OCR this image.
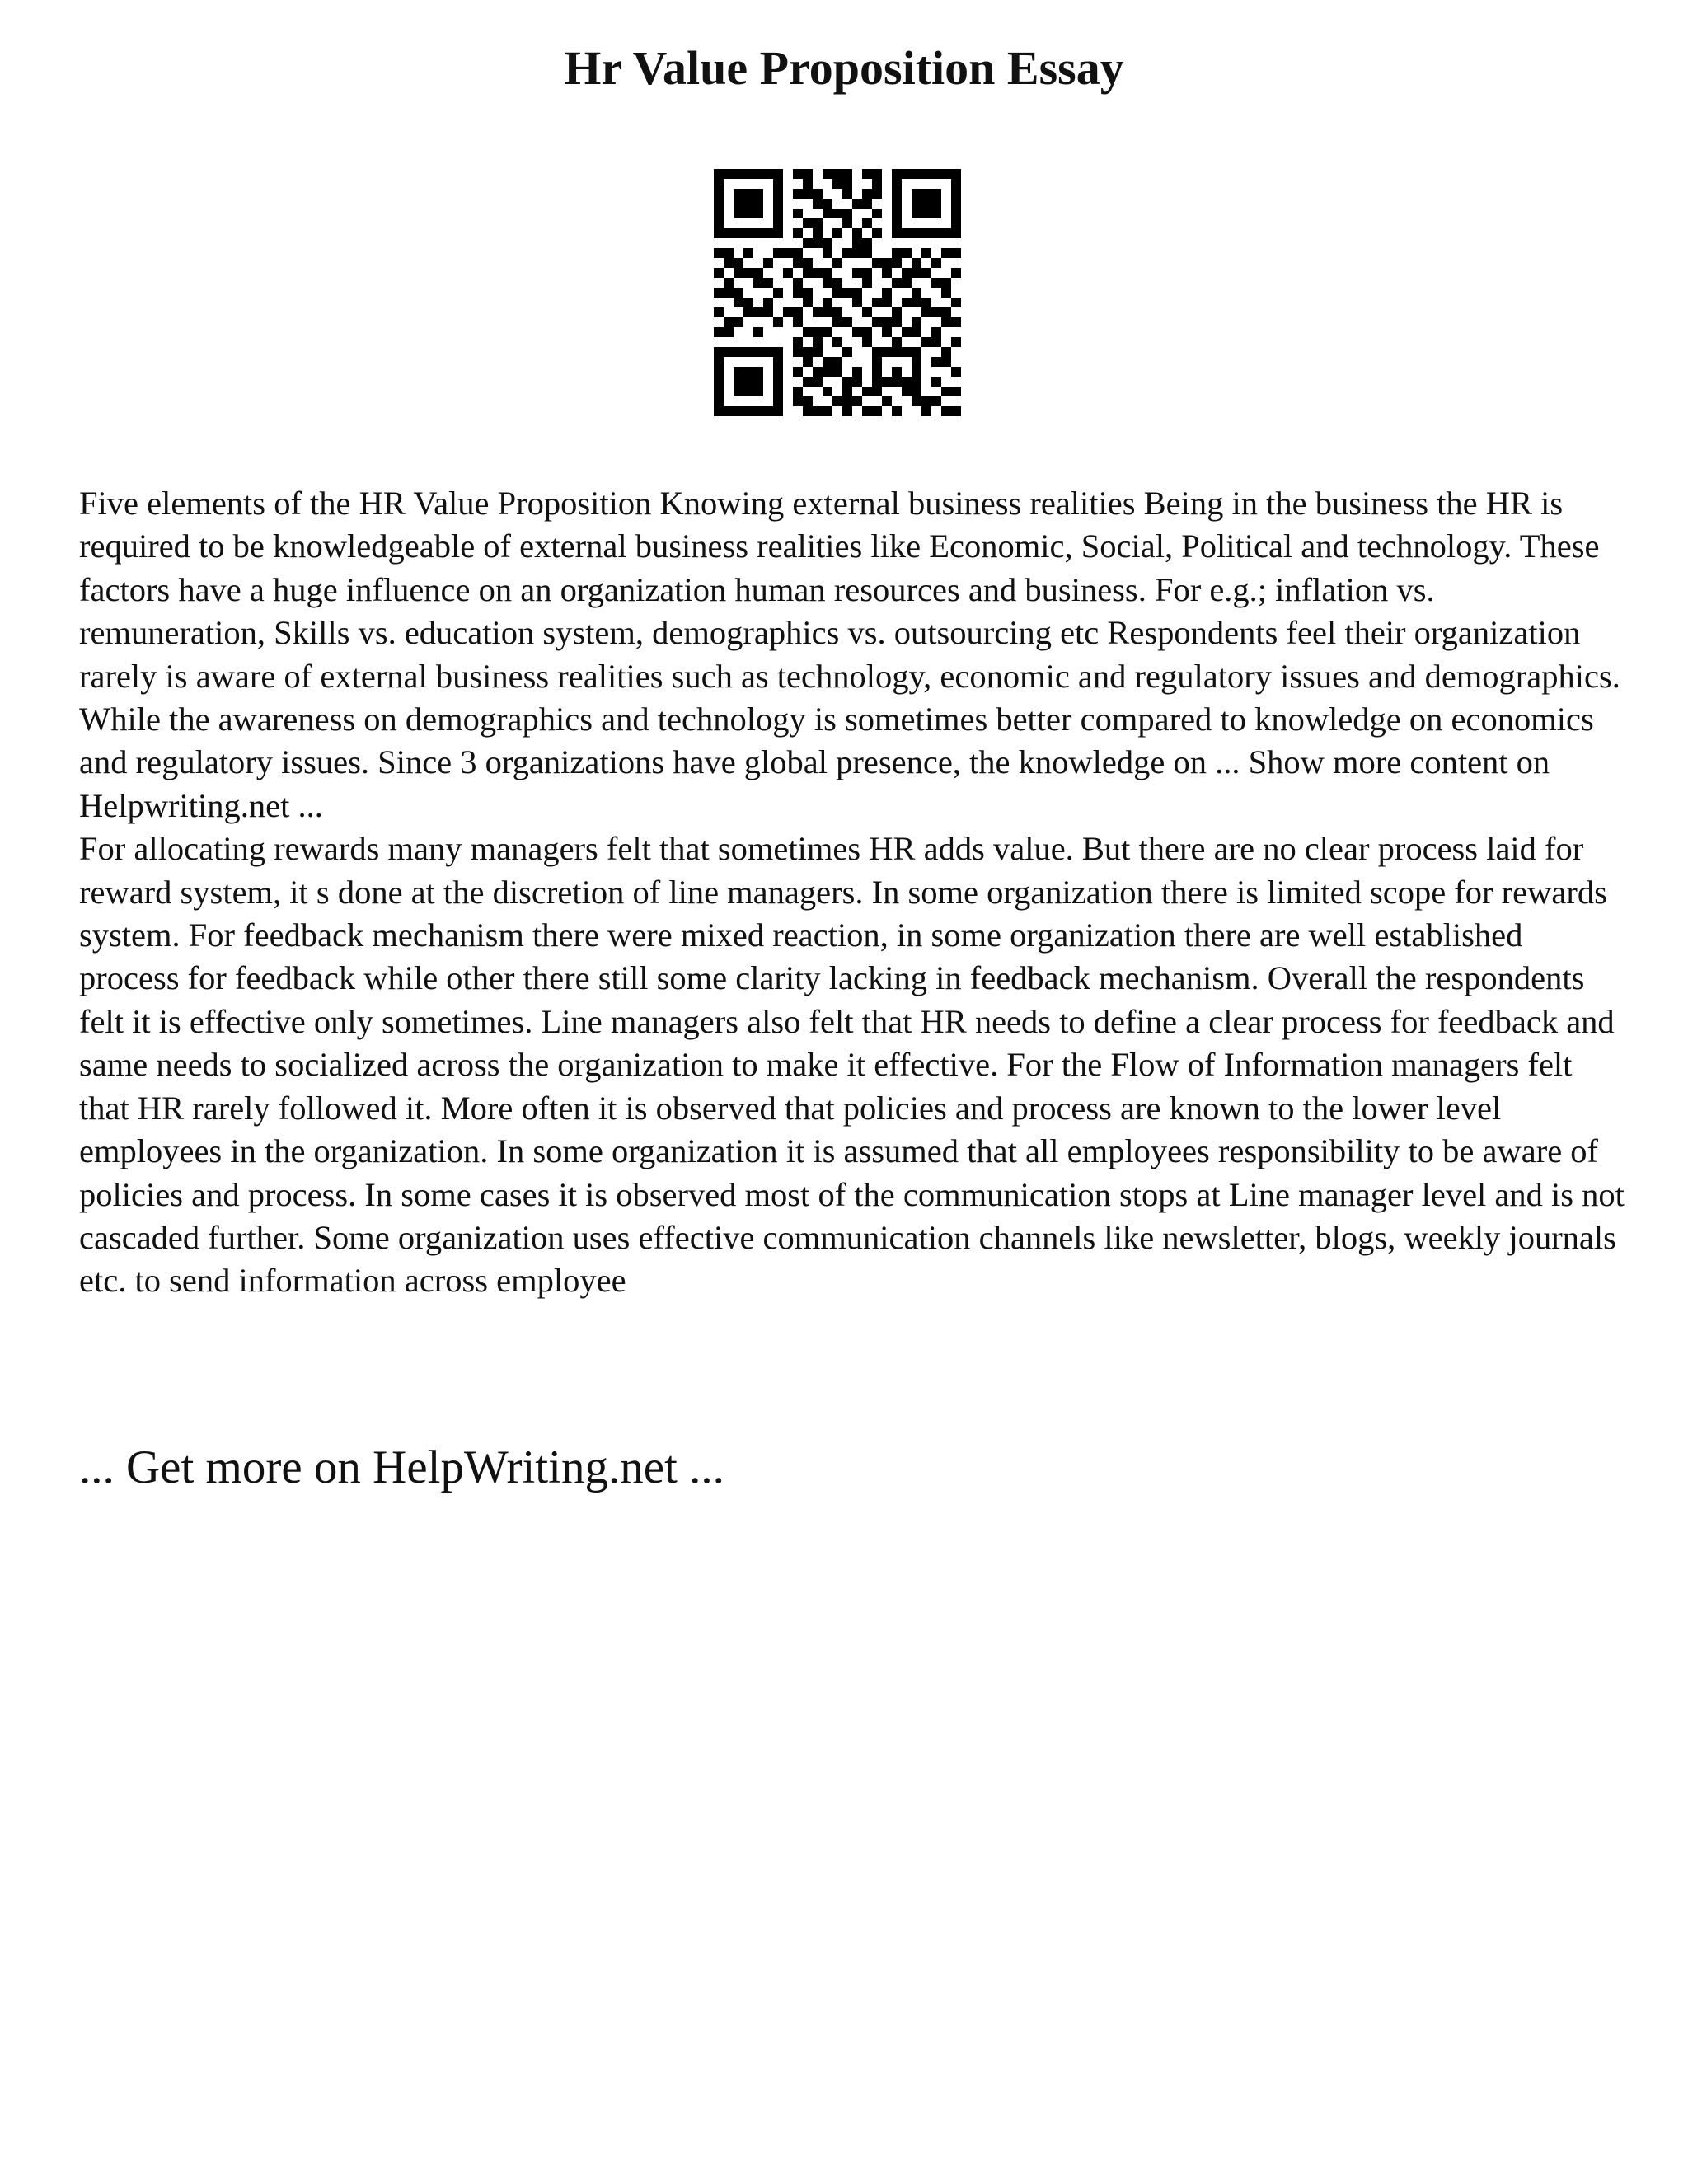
Hr Value Proposition Essay

Five elements of the HR Value Proposition Knowing external business realities Being in the business the HR is required to be knowledgeable of external business realities like Economic, Social, Political and technology. These factors have a huge influence on an organization human resources and business. For e.g.; inflation vs. remuneration, Skills vs. education system, demographics vs. outsourcing etc Respondents feel their organization rarely is aware of external business realities such as technology, economic and regulatory issues and demographics. While the awareness on demographics and technology is sometimes better compared to knowledge on economics and regulatory issues. Since 3 organizations have global presence, the knowledge on ... Show more content on Helpwriting.net ...

For allocating rewards many managers felt that sometimes HR adds value. But there are no clear process laid for reward system, it s done at the discretion of line managers. In some organization there is limited scope for rewards system. For feedback mechanism there were mixed reaction, in some organization there are well established process for feedback while other there still some clarity lacking in feedback mechanism. Overall the respondents felt it is effective only sometimes. Line managers also felt that HR needs to define a clear process for feedback and same needs to socialized across the organization to make it effective. For the Flow of Information managers felt that HR rarely followed it. More often it is observed that policies and process are known to the lower level employees in the organization. In some organization it is assumed that all employees responsibility to be aware of policies and process. In some cases it is observed most of the communication stops at Line manager level and is not cascaded further. Some organization uses effective communication channels like newsletter, blogs, weekly journals etc. to send information across employee

... Get more on HelpWriting.net ...
